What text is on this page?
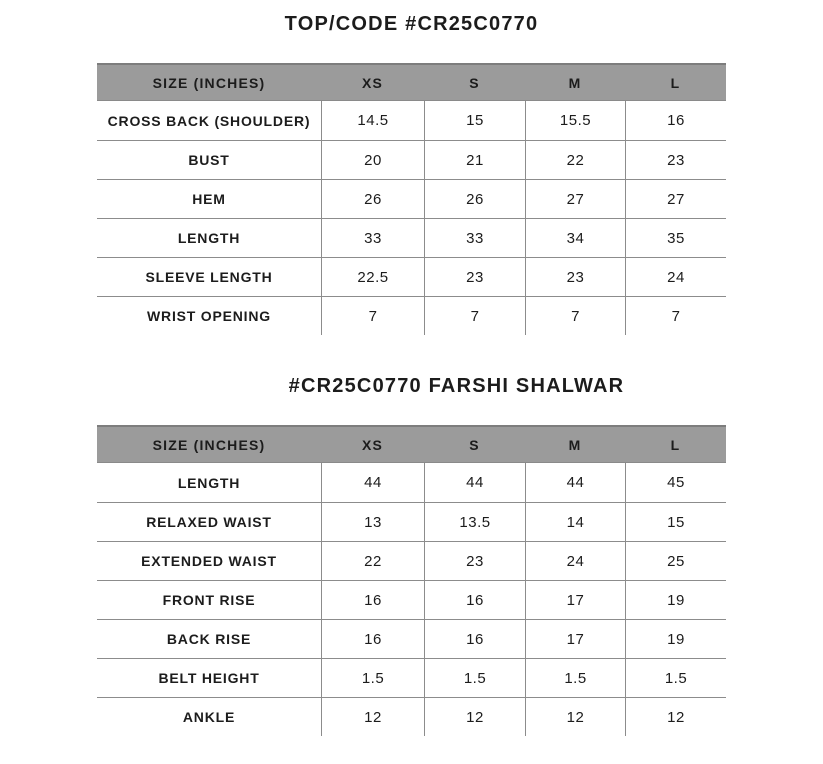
TOP/CODE #CR25C0770
SIZE (INCHES)	XS	S	M	L
CROSS BACK (SHOULDER)	14.5	15	15.5	16
BUST	20	21	22	23
HEM	26	26	27	27
LENGTH	33	33	34	35
SLEEVE LENGTH	22.5	23	23	24
WRIST OPENING	7	7	7	7
#CR25C0770 FARSHI SHALWAR
SIZE (INCHES)	XS	S	M	L
LENGTH	44	44	44	45
RELAXED WAIST	13	13.5	14	15
EXTENDED WAIST	22	23	24	25
FRONT RISE	16	16	17	19
BACK RISE	16	16	17	19
BELT HEIGHT	1.5	1.5	1.5	1.5
ANKLE	12	12	12	12
